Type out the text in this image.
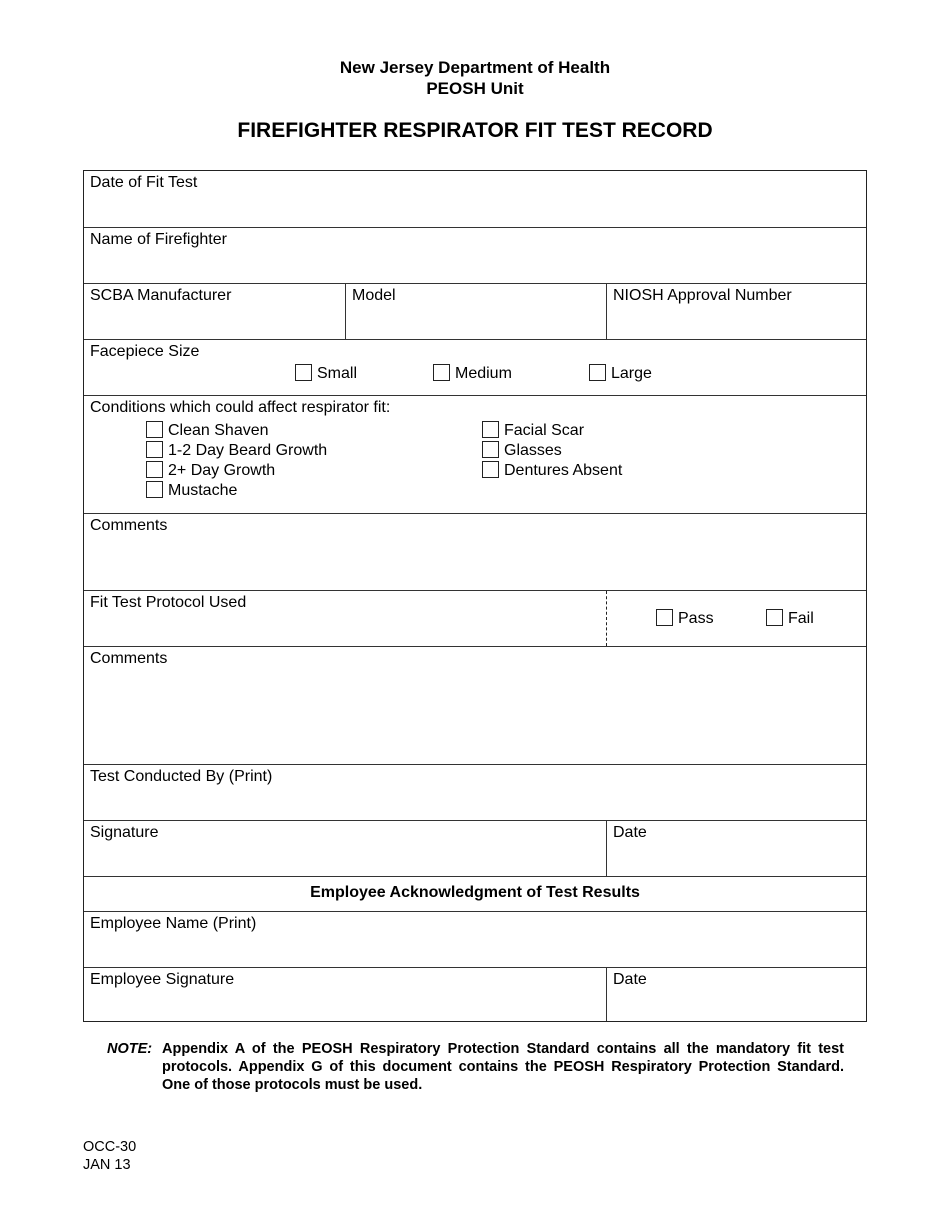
New Jersey Department of Health
PEOSH Unit
FIREFIGHTER RESPIRATOR FIT TEST RECORD
Date of Fit Test
Name of Firefighter
SCBA Manufacturer	Model	NIOSH Approval Number
Facepiece Size
Small	Medium	Large
Conditions which could affect respirator fit:
Clean Shaven
1-2 Day Beard Growth
2+ Day Growth
Mustache
Facial Scar
Glasses
Dentures Absent
Comments
Fit Test Protocol Used
Pass	Fail
Comments
Test Conducted By (Print)
Signature	Date
Employee Acknowledgment of Test Results
Employee Name (Print)
Employee Signature	Date
NOTE: Appendix A of the PEOSH Respiratory Protection Standard contains all the mandatory fit test protocols. Appendix G of this document contains the PEOSH Respiratory Protection Standard. One of those protocols must be used.
OCC-30
JAN 13
